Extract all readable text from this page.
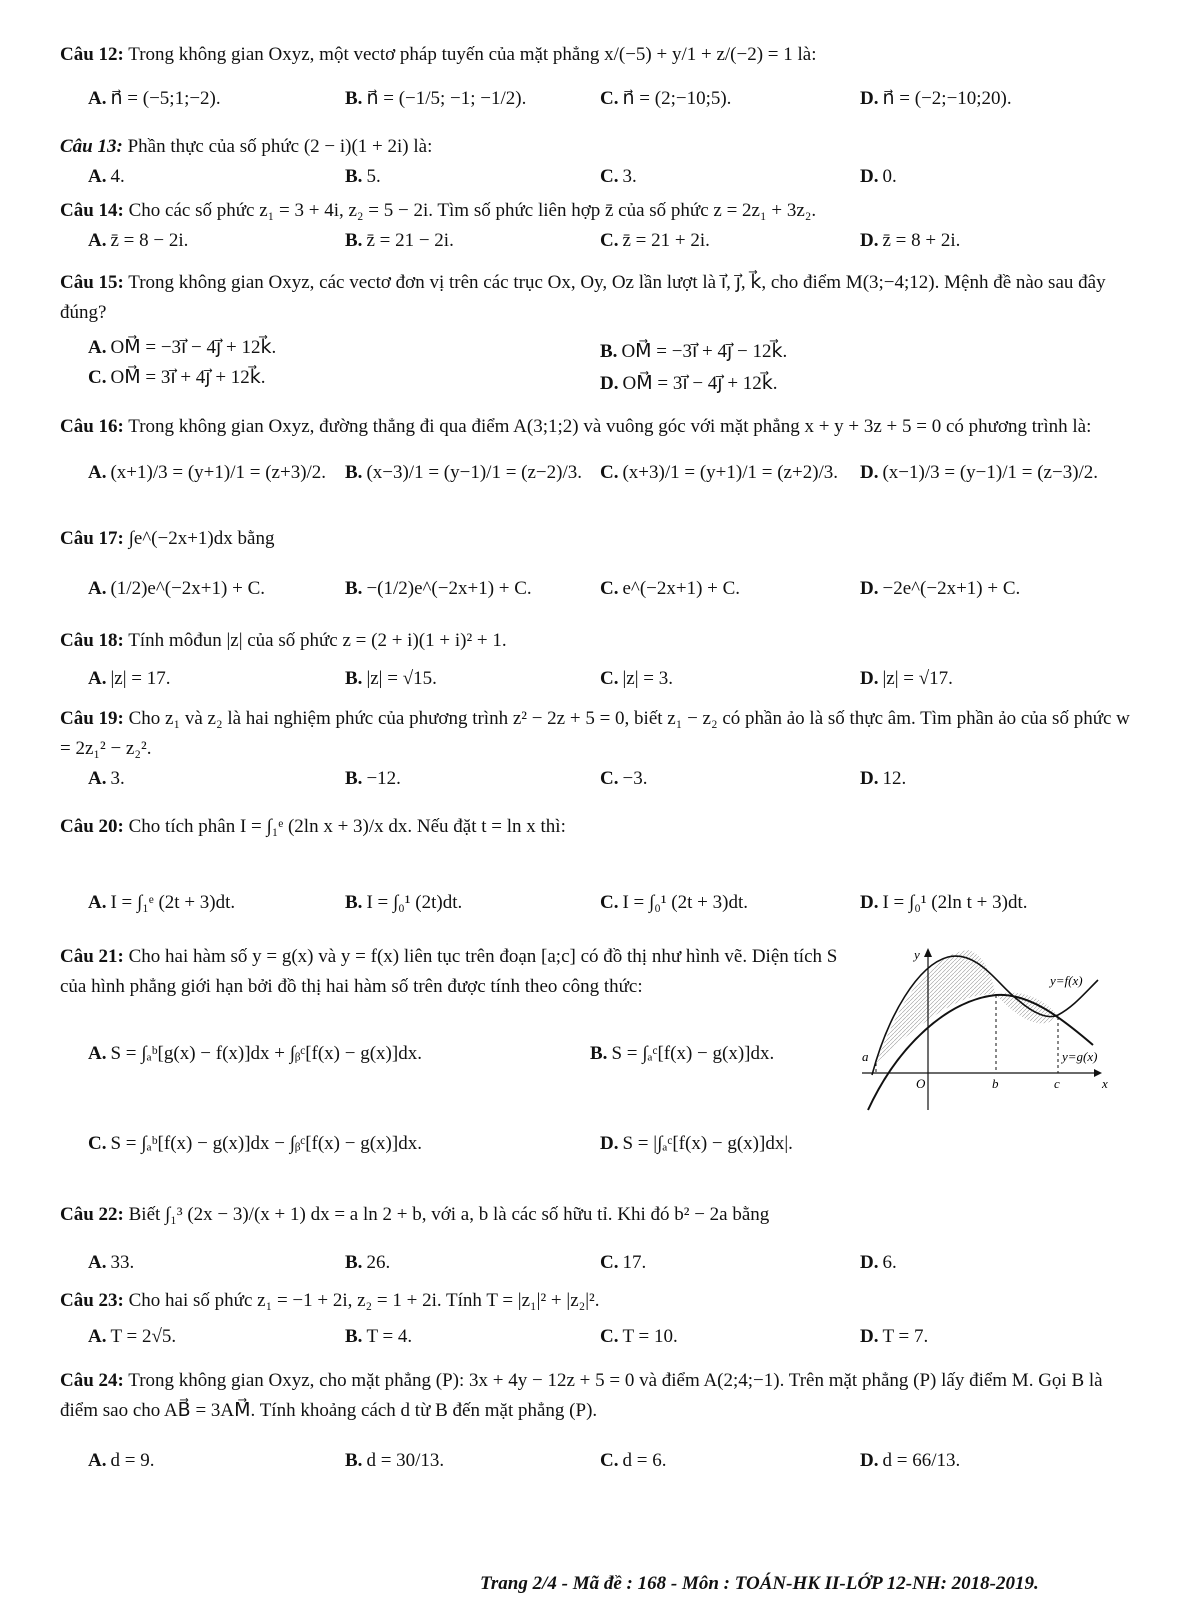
Câu 12: Trong không gian Oxyz, một vectơ pháp tuyến của mặt phẳng x/(−5) + y/1 + z/(−2) = 1 là:
A. n⃗ = (−5;1;−2).	B. n⃗ = (−1/5; −1; −1/2).	C. n⃗ = (2;−10;5).	D. n⃗ = (−2;−10;20).
Câu 13: Phần thực của số phức (2 − i)(1 + 2i) là:
A. 4.	B. 5.	C. 3.	D. 0.
Câu 14: Cho các số phức z₁ = 3 + 4i, z₂ = 5 − 2i. Tìm số phức liên hợp z̄ của số phức z = 2z₁ + 3z₂.
A. z̄ = 8 − 2i.	B. z̄ = 21 − 2i.	C. z̄ = 21 + 2i.	D. z̄ = 8 + 2i.
Câu 15: Trong không gian Oxyz, các vectơ đơn vị trên các trục Ox, Oy, Oz lần lượt là i⃗, j⃗, k⃗, cho điểm M(3;−4;12). Mệnh đề nào sau đây đúng?
A. OM⃗ = −3i⃗ − 4j⃗ + 12k⃗.	B. OM⃗ = −3i⃗ + 4j⃗ − 12k⃗.
C. OM⃗ = 3i⃗ + 4j⃗ + 12k⃗.	D. OM⃗ = 3i⃗ − 4j⃗ + 12k⃗.
Câu 16: Trong không gian Oxyz, đường thẳng đi qua điểm A(3;1;2) và vuông góc với mặt phẳng x + y + 3z + 5 = 0 có phương trình là:
A. (x+1)/3 = (y+1)/1 = (z+3)/2. B. (x−3)/1 = (y−1)/1 = (z−2)/3. C. (x+3)/1 = (y+1)/1 = (z+2)/3. D. (x−1)/3 = (y−1)/1 = (z−3)/2.
Câu 17: ∫e^(−2x+1)dx bằng
A. (1/2)e^(−2x+1) + C.	B. −(1/2)e^(−2x+1) + C.	C. e^(−2x+1) + C.	D. −2e^(−2x+1) + C.
Câu 18: Tính môđun |z| của số phức z = (2 + i)(1 + i)² + 1.
A. |z| = 17.	B. |z| = √15.	C. |z| = 3.	D. |z| = √17.
Câu 19: Cho z₁ và z₂ là hai nghiệm phức của phương trình z² − 2z + 5 = 0, biết z₁ − z₂ có phần ảo là số thực âm. Tìm phần ảo của số phức w = 2z₁² − z₂².
A. 3.	B. −12.	C. −3.	D. 12.
Câu 20: Cho tích phân I = ∫₁ᵉ (2ln x + 3)/x dx. Nếu đặt t = ln x thì:
A. I = ∫₁ᵉ (2t + 3)dt.	B. I = ∫₀¹ (2t)dt.	C. I = ∫₀¹ (2t + 3)dt.	D. I = ∫₀¹ (2ln t + 3)dt.
Câu 21: Cho hai hàm số y = g(x) và y = f(x) liên tục trên đoạn [a;c] có đồ thị như hình vẽ. Diện tích S của hình phẳng giới hạn bởi đồ thị hai hàm số trên được tính theo công thức:
A. S = ∫ₐᵇ[g(x) − f(x)]dx + ∫ᵦᶜ[f(x) − g(x)]dx.	B. S = ∫ₐᶜ[f(x) − g(x)]dx.
C. S = ∫ₐᵇ[f(x) − g(x)]dx − ∫ᵦᶜ[f(x) − g(x)]dx.	D. S = |∫ₐᶜ[f(x) − g(x)]dx|.
y=f(x)
y=g(x)
y
x
O
a
b	c
Câu 22: Biết ∫₁³ (2x − 3)/(x + 1) dx = a ln 2 + b, với a, b là các số hữu tỉ. Khi đó b² − 2a bằng
A. 33.	B. 26.	C. 17.	D. 6.
Câu 23: Cho hai số phức z₁ = −1 + 2i, z₂ = 1 + 2i. Tính T = |z₁|² + |z₂|².
A. T = 2√5.	B. T = 4.	C. T = 10.	D. T = 7.
Câu 24: Trong không gian Oxyz, cho mặt phẳng (P): 3x + 4y − 12z + 5 = 0 và điểm A(2;4;−1). Trên mặt phẳng (P) lấy điểm M. Gọi B là điểm sao cho AB⃗ = 3AM⃗. Tính khoảng cách d từ B đến mặt phẳng (P).
A. d = 9.	B. d = 30/13.	C. d = 6.	D. d = 66/13.
Trang 2/4 - Mã đề : 168 - Môn : TOÁN-HK II-LỚP 12-NH: 2018-2019.
